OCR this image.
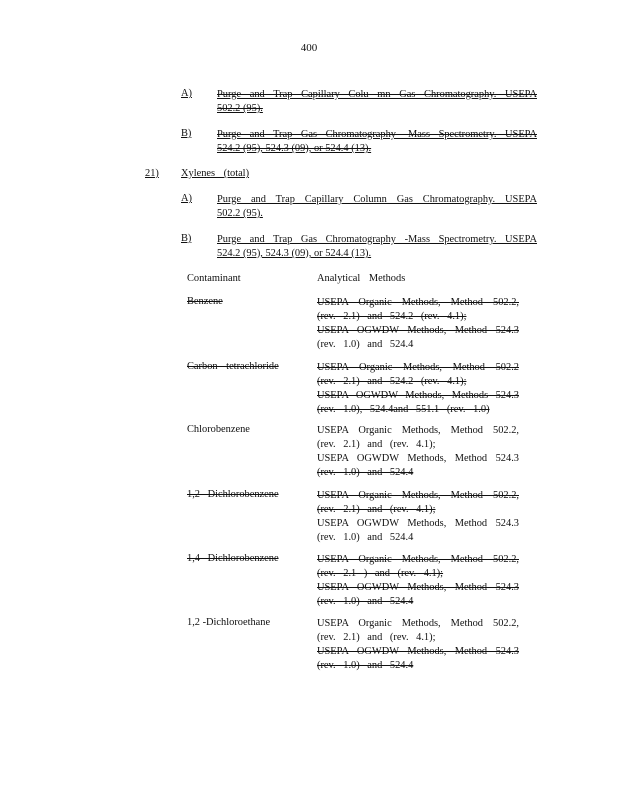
400
A) Purge and Trap Capillary Colu mn Gas Chromatography. USEPA
502.2 (95).
B) Purge and Trap Gas Chromatography -Mass Spectrometry. USEPA
524.2 (95), 524.3 (09), or 524.4 (13).
21) Xylenes (total)
A) Purge and Trap Capillary Column Gas Chromatography. USEPA
502.2 (95).
B) Purge and Trap Gas Chromatography -Mass Spectrometry. USEPA
524.2 (95), 524.3 (09), or 524.4 (13).
Contaminant	Analytical Methods
Benzene	USEPA Organic Methods, Method 502.2,
(rev. 2.1) and 524.2 (rev. 4.1);
USEPA OGWDW Methods, Method 524.3
(rev. 1.0) and 524.4
Carbon tetrachloride	USEPA Organic Methods, Method 502.2
(rev. 2.1) and 524.2 (rev. 4.1);
USEPA OGWDW Methods, Methods 524.3
(rev. 1.0), 524.4and 551.1 (rev. 1.0)
Chlorobenzene	USEPA Organic Methods, Method 502.2,
(rev. 2.1) and (rev. 4.1);
USEPA OGWDW Methods, Method 524.3
(rev. 1.0) and 524.4
1,2 Dichlorobenzene	USEPA Organic Methods, Method 502.2,
(rev. 2.1) and (rev. 4.1);
USEPA OGWDW Methods, Method 524.3
(rev. 1.0) and 524.4
1,4 Dichlorobenzene	USEPA Organic Methods, Method 502.2,
(rev. 2.1 ) and (rev. 4.1);
USEPA OGWDW Methods, Method 524.3
(rev. 1.0) and 524.4
1,2 -Dichloroethane	USEPA Organic Methods, Method 502.2,
(rev. 2.1) and (rev. 4.1);
USEPA OGWDW Methods, Method 524.3
(rev. 1.0) and 524.4
